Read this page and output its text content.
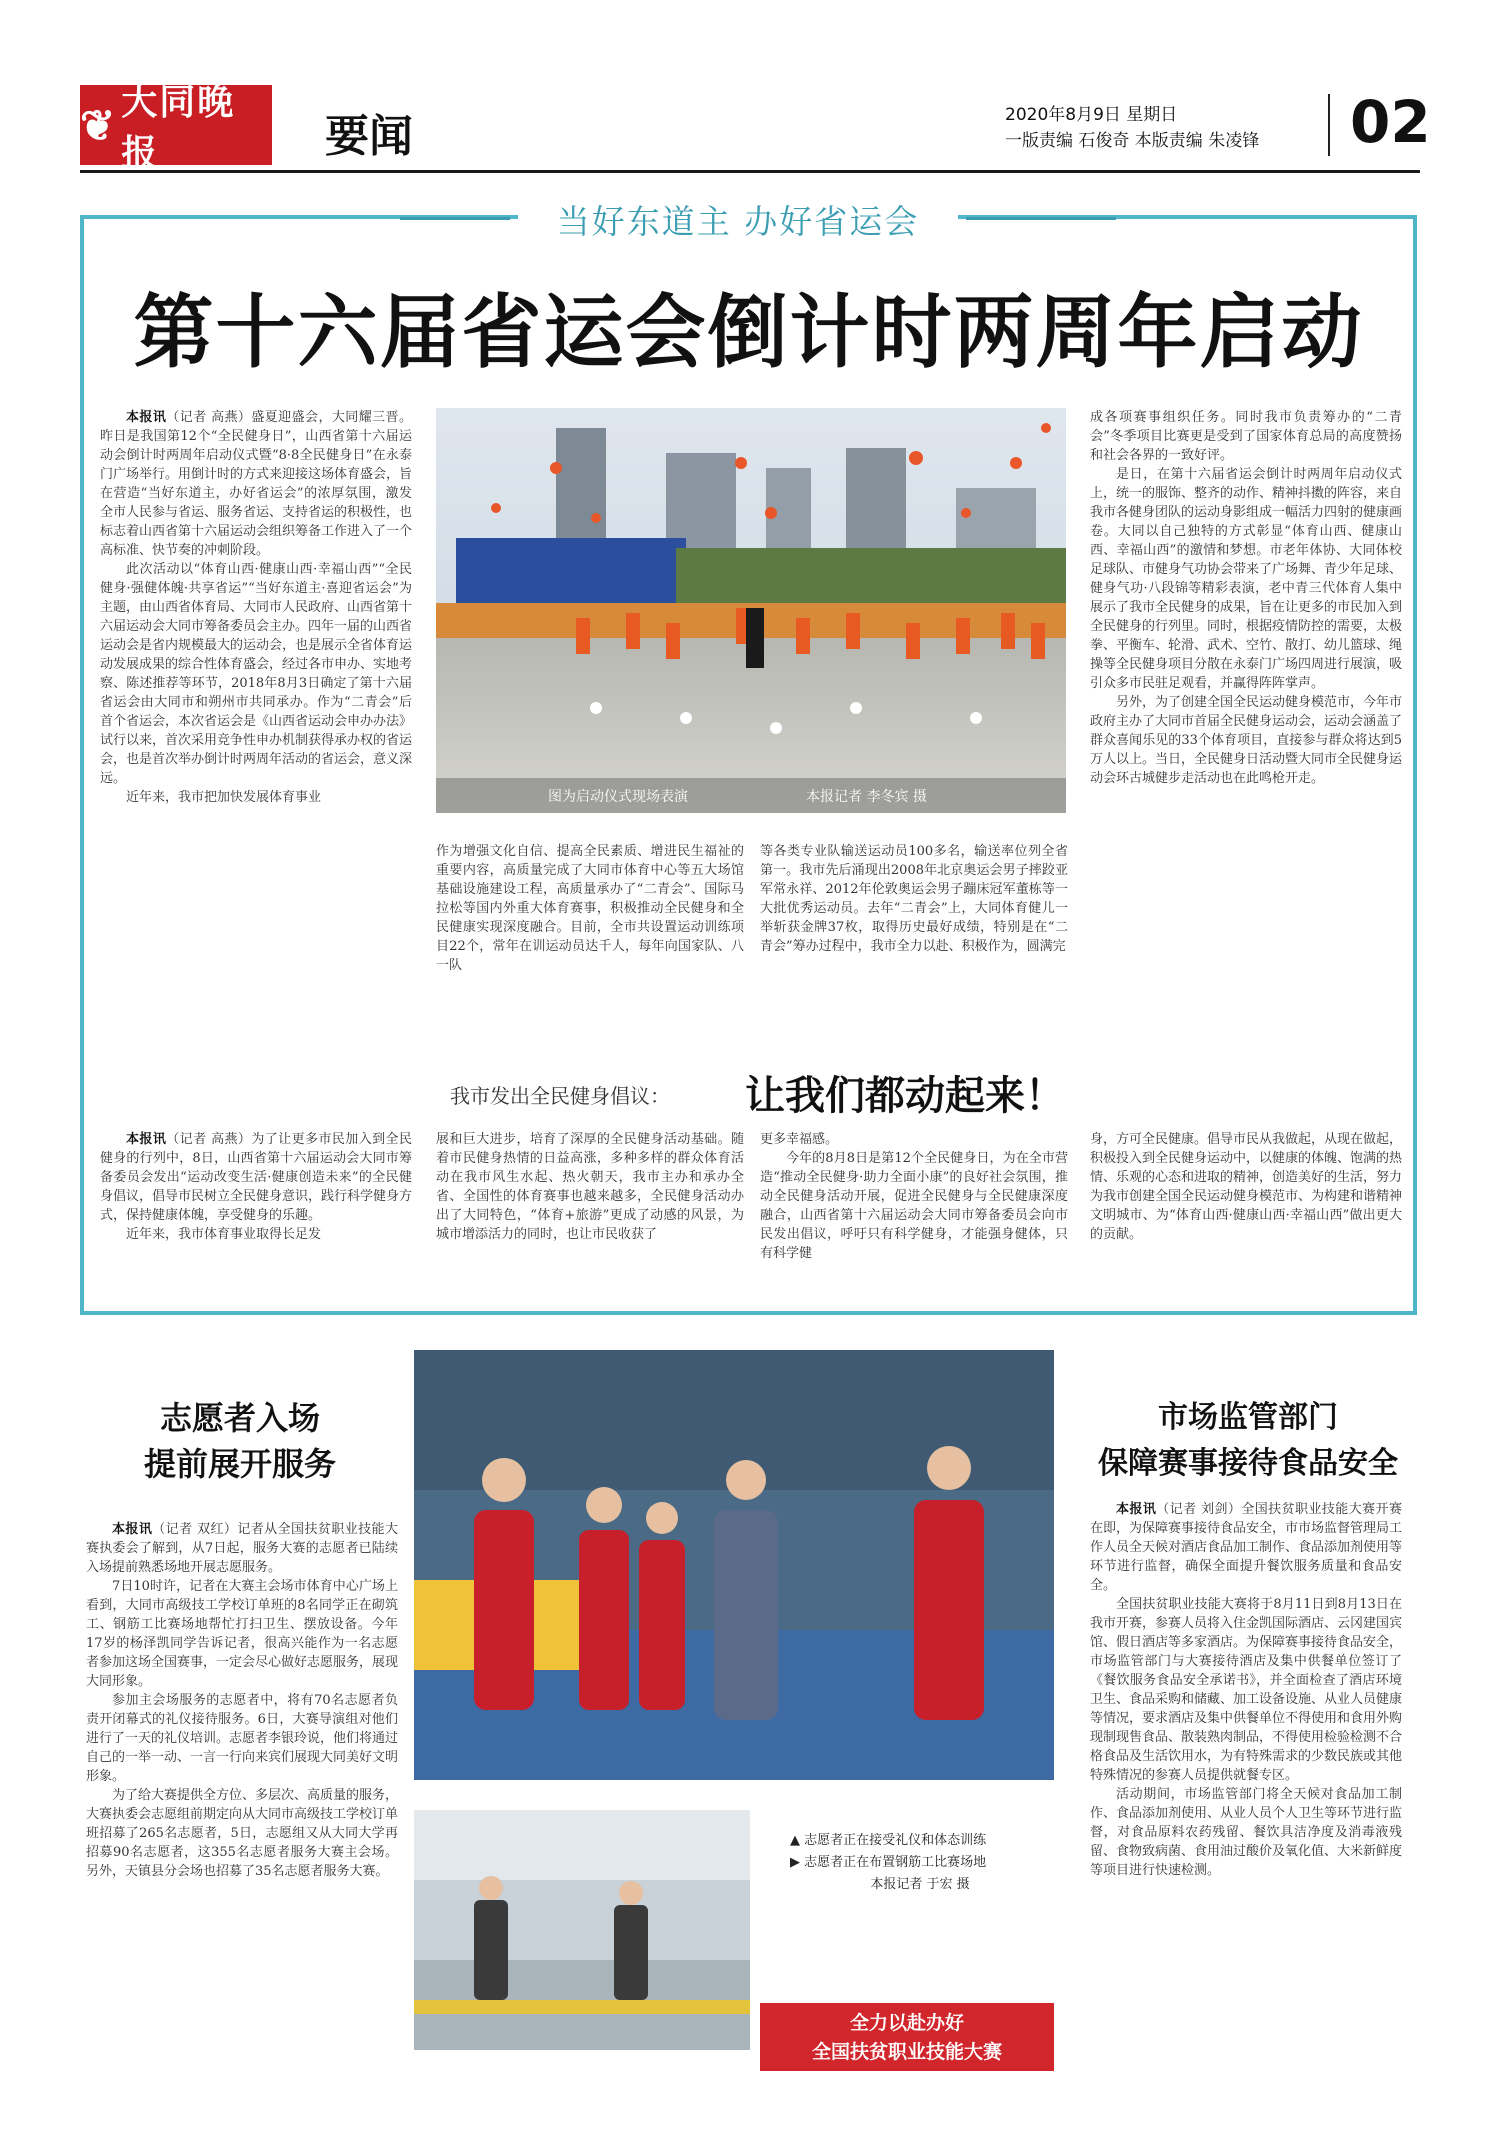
❦ 大同晚报	要闻	2020年8月9日 星期日
一版责编 石俊奇 本版责编 朱凌锋 02
当好东道主 办好省运会
第十六届省运会倒计时两周年启动

本报讯（记者 高燕）盛夏迎盛会，大同耀三晋。昨日是我国第12个“全民健身日”，山西省第十六届运动会倒计时两周年启动仪式暨“8·8全民健身日”在永泰门广场举行。用倒计时的方式来迎接这场体育盛会，旨在营造“当好东道主，办好省运会”的浓厚氛围，激发全市人民参与省运、服务省运、支持省运的积极性，也标志着山西省第十六届运动会组织筹备工作进入了一个高标准、快节奏的冲刺阶段。

此次活动以“体育山西·健康山西·幸福山西”“全民健身·强健体魄·共享省运”“当好东道主·喜迎省运会”为主题，由山西省体育局、大同市人民政府、山西省第十六届运动会大同市筹备委员会主办。四年一届的山西省运动会是省内规模最大的运动会，也是展示全省体育运动发展成果的综合性体育盛会，经过各市申办、实地考察、陈述推荐等环节，2018年8月3日确定了第十六届省运会由大同市和朔州市共同承办。作为“二青会”后首个省运会，本次省运会是《山西省运动会申办办法》试行以来，首次采用竞争性申办机制获得承办权的省运会，也是首次举办倒计时两周年活动的省运会，意义深远。

近年来，我市把加快发展体育事业	图为启动仪式现场表演	本报记者 李冬宾 摄

成各项赛事组织任务。同时我市负责筹办的“二青会”冬季项目比赛更是受到了国家体育总局的高度赞扬和社会各界的一致好评。

是日，在第十六届省运会倒计时两周年启动仪式上，统一的服饰、整齐的动作、精神抖擞的阵容，来自我市各健身团队的运动身影组成一幅活力四射的健康画卷。大同以自己独特的方式彰显“体育山西、健康山西、幸福山西”的激情和梦想。市老年体协、大同体校足球队、市健身气功协会带来了广场舞、青少年足球、健身气功·八段锦等精彩表演，老中青三代体育人集中展示了我市全民健身的成果，旨在让更多的市民加入到全民健身的行列里。同时，根据疫情防控的需要，太极拳、平衡车、轮滑、武术、空竹、散打、幼儿篮球、绳操等全民健身项目分散在永泰门广场四周进行展演，吸引众多市民驻足观看，并赢得阵阵掌声。

另外，为了创建全国全民运动健身模范市，今年市政府主办了大同市首届全民健身运动会，运动会涵盖了群众喜闻乐见的33个体育项目，直接参与群众将达到5万人以上。当日，全民健身日活动暨大同市全民健身运动会环古城健步走活动也在此鸣枪开走。

作为增强文化自信、提高全民素质、增进民生福祉的重要内容，高质量完成了大同市体育中心等五大场馆基础设施建设工程，高质量承办了“二青会”、国际马拉松等国内外重大体育赛事，积极推动全民健身和全民健康实现深度融合。目前，全市共设置运动训练项目22个，常年在训运动员达千人，每年向国家队、八一队

等各类专业队输送运动员100多名，输送率位列全省第一。我市先后涌现出2008年北京奥运会男子摔跤亚军常永祥、2012年伦敦奥运会男子蹦床冠军董栋等一大批优秀运动员。去年“二青会”上，大同体育健儿一举斩获金牌37枚，取得历史最好成绩，特别是在“二青会”筹办过程中，我市全力以赴、积极作为，圆满完

我市发出全民健身倡议： 让我们都动起来！

本报讯（记者 高燕）为了让更多市民加入到全民健身的行列中，8日，山西省第十六届运动会大同市筹备委员会发出“运动改变生活·健康创造未来”的全民健身倡议，倡导市民树立全民健身意识，践行科学健身方式，保持健康体魄，享受健身的乐趣。

近年来，我市体育事业取得长足发

展和巨大进步，培育了深厚的全民健身活动基础。随着市民健身热情的日益高涨，多种多样的群众体育活动在我市风生水起、热火朝天，我市主办和承办全省、全国性的体育赛事也越来越多，全民健身活动办出了大同特色，“体育+旅游”更成了动感的风景，为城市增添活力的同时，也让市民收获了

更多幸福感。

今年的8月8日是第12个全民健身日，为在全市营造“推动全民健身·助力全面小康”的良好社会氛围，推动全民健身活动开展，促进全民健身与全民健康深度融合，山西省第十六届运动会大同市筹备委员会向市民发出倡议，呼吁只有科学健身，才能强身健体，只有科学健

身，方可全民健康。倡导市民从我做起，从现在做起，积极投入到全民健身运动中，以健康的体魄、饱满的热情、乐观的心态和进取的精神，创造美好的生活，努力为我市创建全国全民运动健身模范市、为构建和谐精神文明城市、为“体育山西·健康山西·幸福山西”做出更大的贡献。

志愿者入场
提前展开服务

本报讯（记者 双红）记者从全国扶贫职业技能大赛执委会了解到，从7日起，服务大赛的志愿者已陆续入场提前熟悉场地开展志愿服务。

7日10时许，记者在大赛主会场市体育中心广场上看到，大同市高级技工学校订单班的8名同学正在砌筑工、钢筋工比赛场地帮忙打扫卫生、摆放设备。今年17岁的杨泽凯同学告诉记者，很高兴能作为一名志愿者参加这场全国赛事，一定会尽心做好志愿服务，展现大同形象。

参加主会场服务的志愿者中，将有70名志愿者负责开闭幕式的礼仪接待服务。6日，大赛导演组对他们进行了一天的礼仪培训。志愿者李银玲说，他们将通过自己的一举一动、一言一行向来宾们展现大同美好文明形象。

为了给大赛提供全方位、多层次、高质量的服务，大赛执委会志愿组前期定向从大同市高级技工学校订单班招募了265名志愿者，5日，志愿组又从大同大学再招募90名志愿者，这355名志愿者服务大赛主会场。另外，天镇县分会场也招募了35名志愿者服务大赛。

▲ 志愿者正在接受礼仪和体态训练
▶ 志愿者正在布置钢筋工比赛场地
本报记者 于宏 摄
全力以赴办好
全国扶贫职业技能大赛
市场监管部门
保障赛事接待食品安全

本报讯（记者 刘剑）全国扶贫职业技能大赛开赛在即，为保障赛事接待食品安全，市市场监督管理局工作人员全天候对酒店食品加工制作、食品添加剂使用等环节进行监督，确保全面提升餐饮服务质量和食品安全。

全国扶贫职业技能大赛将于8月11日到8月13日在我市开赛，参赛人员将入住金凯国际酒店、云冈建国宾馆、假日酒店等多家酒店。为保障赛事接待食品安全，市场监管部门与大赛接待酒店及集中供餐单位签订了《餐饮服务食品安全承诺书》，并全面检查了酒店环境卫生、食品采购和储藏、加工设备设施、从业人员健康等情况，要求酒店及集中供餐单位不得使用和食用外购现制现售食品、散装熟肉制品，不得使用检验检测不合格食品及生活饮用水，为有特殊需求的少数民族或其他特殊情况的参赛人员提供就餐专区。

活动期间，市场监管部门将全天候对食品加工制作、食品添加剂使用、从业人员个人卫生等环节进行监督，对食品原料农药残留、餐饮具洁净度及消毒液残留、食物致病菌、食用油过酸价及氧化值、大米新鲜度等项目进行快速检测。
